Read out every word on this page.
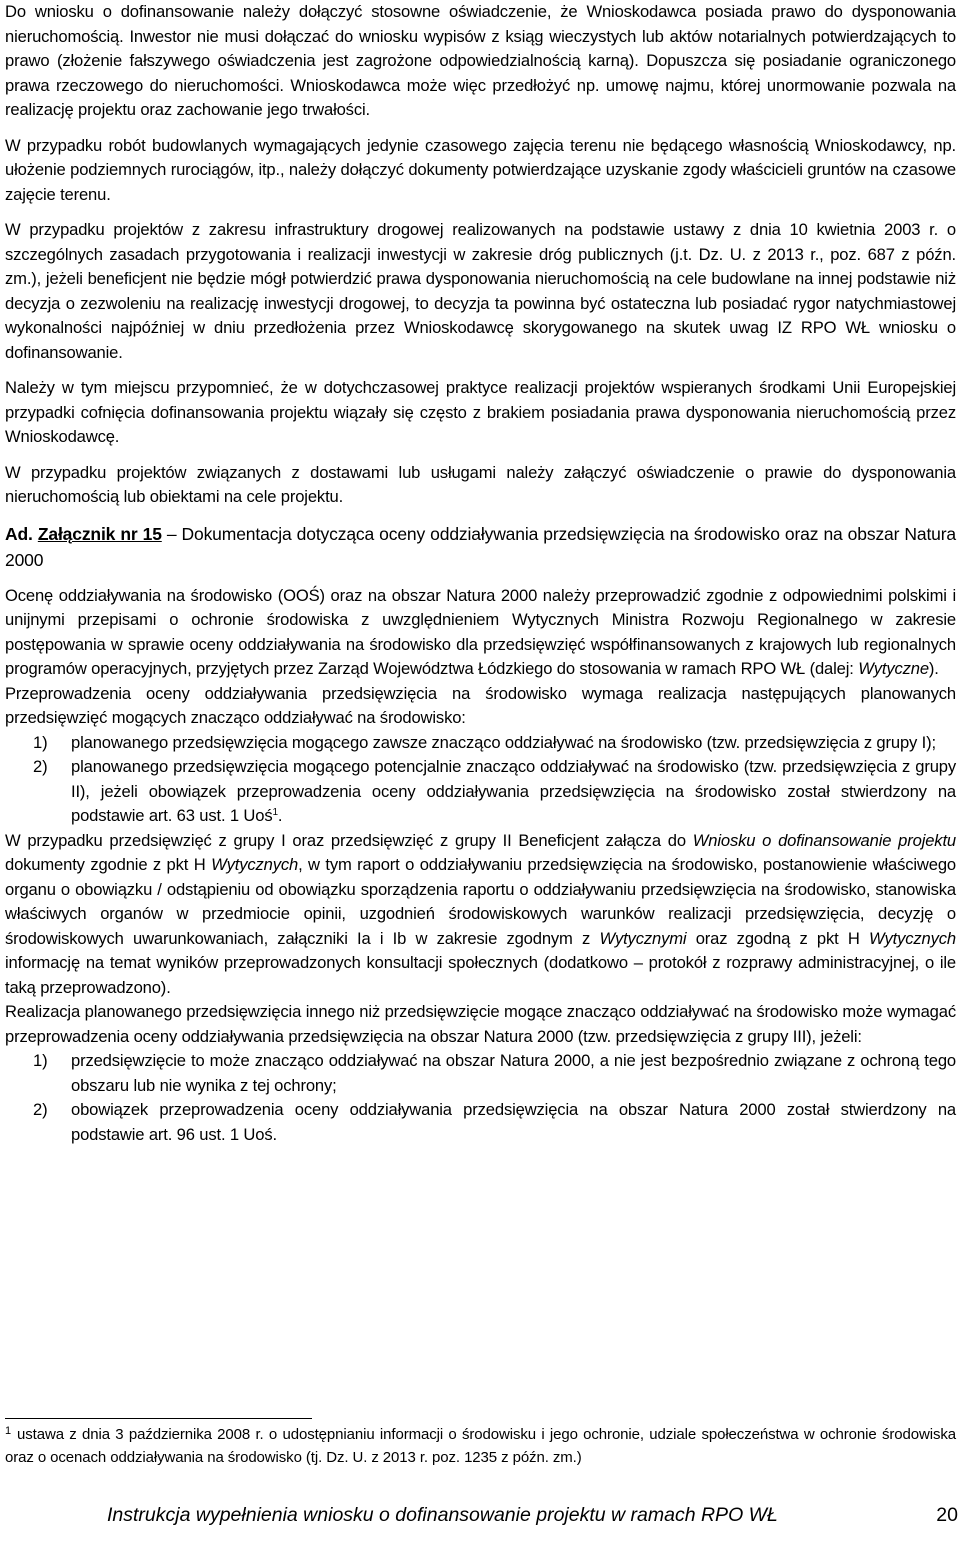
Do wniosku o dofinansowanie należy dołączyć stosowne oświadczenie, że Wnioskodawca posiada prawo do dysponowania nieruchomością. Inwestor nie musi dołączać do wniosku wypisów z ksiąg wieczystych lub aktów notarialnych potwierdzających to prawo (złożenie fałszywego oświadczenia jest zagrożone odpowiedzialnością karną). Dopuszcza się posiadanie ograniczonego prawa rzeczowego do nieruchomości. Wnioskodawca może więc przedłożyć np. umowę najmu, której unormowanie pozwala na realizację projektu oraz zachowanie jego trwałości.

W przypadku robót budowlanych wymagających jedynie czasowego zajęcia terenu nie będącego własnością Wnioskodawcy, np. ułożenie podziemnych rurociągów, itp., należy dołączyć dokumenty potwierdzające uzyskanie zgody właścicieli gruntów na czasowe zajęcie terenu.

W przypadku projektów z zakresu infrastruktury drogowej realizowanych na podstawie ustawy z dnia 10 kwietnia 2003 r. o szczególnych zasadach przygotowania i realizacji inwestycji w zakresie dróg publicznych (j.t. Dz. U. z 2013 r., poz. 687 z późn. zm.), jeżeli beneficjent nie będzie mógł potwierdzić prawa dysponowania nieruchomością na cele budowlane na innej podstawie niż decyzja o zezwoleniu na realizację inwestycji drogowej, to decyzja ta powinna być ostateczna lub posiadać rygor natychmiastowej wykonalności najpóźniej w dniu przedłożenia przez Wnioskodawcę skorygowanego na skutek uwag IZ RPO WŁ wniosku o dofinansowanie.

Należy w tym miejscu przypomnieć, że w dotychczasowej praktyce realizacji projektów wspieranych środkami Unii Europejskiej przypadki cofnięcia dofinansowania projektu wiązały się często z brakiem posiadania prawa dysponowania nieruchomością przez Wnioskodawcę.

W przypadku projektów związanych z dostawami lub usługami należy załączyć oświadczenie o prawie do dysponowania nieruchomością lub obiektami na cele projektu.

Ad. Załącznik nr 15 – Dokumentacja dotycząca oceny oddziaływania przedsięwzięcia na środowisko oraz na obszar Natura 2000

Ocenę oddziaływania na środowisko (OOŚ) oraz na obszar Natura 2000 należy przeprowadzić zgodnie z odpowiednimi polskimi i unijnymi przepisami o ochronie środowiska z uwzględnieniem Wytycznych Ministra Rozwoju Regionalnego w zakresie postępowania w sprawie oceny oddziaływania na środowisko dla przedsięwzięć współfinansowanych z krajowych lub regionalnych programów operacyjnych, przyjętych przez Zarząd Województwa Łódzkiego do stosowania w ramach RPO WŁ (dalej: Wytyczne).

Przeprowadzenia oceny oddziaływania przedsięwzięcia na środowisko wymaga realizacja następujących planowanych przedsięwzięć mogących znacząco oddziaływać na środowisko:

1) planowanego przedsięwzięcia mogącego zawsze znacząco oddziaływać na środowisko (tzw. przedsięwzięcia z grupy I);
2) planowanego przedsięwzięcia mogącego potencjalnie znacząco oddziaływać na środowisko (tzw. przedsięwzięcia z grupy II), jeżeli obowiązek przeprowadzenia oceny oddziaływania przedsięwzięcia na środowisko został stwierdzony na podstawie art. 63 ust. 1 Uoś$^1$.

W przypadku przedsięwzięć z grupy I oraz przedsięwzięć z grupy II Beneficjent załącza do Wniosku o dofinansowanie projektu dokumenty zgodnie z pkt H Wytycznych, w tym raport o oddziaływaniu przedsięwzięcia na środowisko, postanowienie właściwego organu o obowiązku / odstąpieniu od obowiązku sporządzenia raportu o oddziaływaniu przedsięwzięcia na środowisko, stanowiska właściwych organów w przedmiocie opinii, uzgodnień środowiskowych warunków realizacji przedsięwzięcia, decyzję o środowiskowych uwarunkowaniach, załączniki Ia i Ib w zakresie zgodnym z Wytycznymi oraz zgodną z pkt H Wytycznych informację na temat wyników przeprowadzonych konsultacji społecznych (dodatkowo – protokół z rozprawy administracyjnej, o ile taką przeprowadzono).

Realizacja planowanego przedsięwzięcia innego niż przedsięwzięcie mogące znacząco oddziaływać na środowisko może wymagać przeprowadzenia oceny oddziaływania przedsięwzięcia na obszar Natura 2000 (tzw. przedsięwzięcia z grupy III), jeżeli:

1) przedsięwzięcie to może znacząco oddziaływać na obszar Natura 2000, a nie jest bezpośrednio związane z ochroną tego obszaru lub nie wynika z tej ochrony;
2) obowiązek przeprowadzenia oceny oddziaływania przedsięwzięcia na obszar Natura 2000 został stwierdzony na podstawie art. 96 ust. 1 Uoś.
$^1$ ustawa z dnia 3 października 2008 r. o udostępnianiu informacji o środowisku i jego ochronie, udziale społeczeństwa w ochronie środowiska oraz o ocenach oddziaływania na środowisko (tj. Dz. U. z 2013 r. poz. 1235 z późn. zm.)
Instrukcja wypełnienia wniosku o dofinansowanie projektu w ramach RPO WŁ	20
